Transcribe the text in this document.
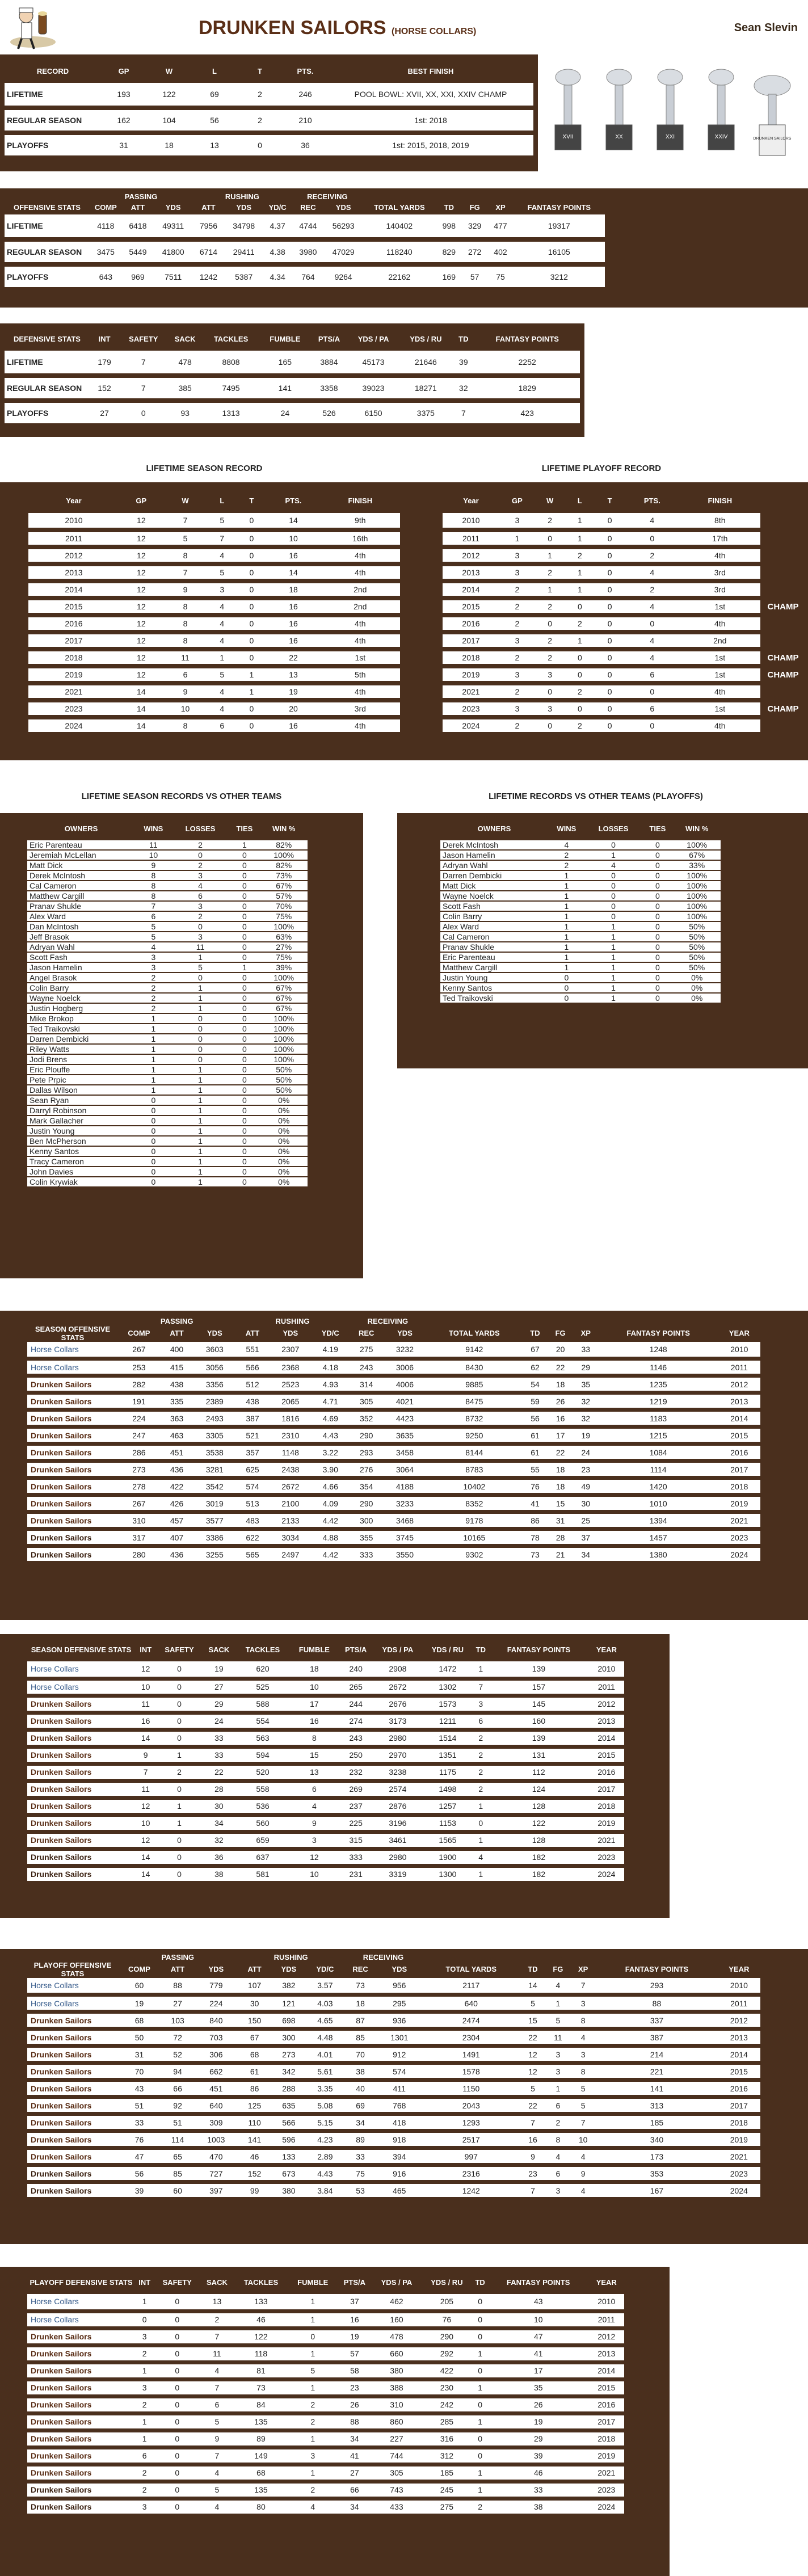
DRUNKEN SAILORS (HORSE COLLARS)	Sean Slevin
XVII	XX	XXI	XXIV	DRUNKEN SAILORS
RECORD	GP	W	L	T	PTS.	BEST FINISH
LIFETIME	193	122	69	2	246	POOL BOWL: XVII, XX, XXI, XXIV CHAMP
REGULAR SEASON	162	104	56	2	210	1st: 2018
PLAYOFFS	31	18	13	0	36	1st: 2015, 2018, 2019
	PASSING			RUSHING			RECEIVING						
OFFENSIVE STATS	COMP	ATT	YDS	ATT	YDS	YD/C	REC	YDS	TOTAL YARDS	TD	FG	XP	FANTASY POINTS
LIFETIME	4118	6418	49311	7956	34798	4.37	4744	56293	140402	998	329	477	19317
REGULAR SEASON	3475	5449	41800	6714	29411	4.38	3980	47029	118240	829	272	402	16105
PLAYOFFS	643	969	7511	1242	5387	4.34	764	9264	22162	169	57	75	3212
DEFENSIVE STATS	INT	SAFETY	SACK	TACKLES	FUMBLE	PTS/A	YDS / PA	YDS / RU	TD	FANTASY POINTS
LIFETIME	179	7	478	8808	165	3884	45173	21646	39	2252
REGULAR SEASON	152	7	385	7495	141	3358	39023	18271	32	1829
PLAYOFFS	27	0	93	1313	24	526	6150	3375	7	423
LIFETIME SEASON RECORD	LIFETIME PLAYOFF RECORD
Year	GP	W	L	T	PTS.	FINISH
2010	12	7	5	0	14	9th
2011	12	5	7	0	10	16th
2012	12	8	4	0	16	4th
2013	12	7	5	0	14	4th
2014	12	9	3	0	18	2nd
2015	12	8	4	0	16	2nd
2016	12	8	4	0	16	4th
2017	12	8	4	0	16	4th
2018	12	11	1	0	22	1st
2019	12	6	5	1	13	5th
2021	14	9	4	1	19	4th
2023	14	10	4	0	20	3rd
2024	14	8	6	0	16	4th
Year	GP	W	L	T	PTS.	FINISH	
2010	3	2	1	0	4	8th	
2011	1	0	1	0	0	17th	
2012	3	1	2	0	2	4th	
2013	3	2	1	0	4	3rd	
2014	2	1	1	0	2	3rd	
2015	2	2	0	0	4	1st	CHAMP
2016	2	0	2	0	0	4th	
2017	3	2	1	0	4	2nd	
2018	2	2	0	0	4	1st	CHAMP
2019	3	3	0	0	6	1st	CHAMP
2021	2	0	2	0	0	4th	
2023	3	3	0	0	6	1st	CHAMP
2024	2	0	2	0	0	4th	
LIFETIME SEASON RECORDS VS OTHER TEAMS	LIFETIME RECORDS VS OTHER TEAMS (PLAYOFFS)
OWNERS	WINS	LOSSES	TIES	WIN %
Eric Parenteau	11	2	1	82%
Jeremiah McLellan	10	0	0	100%
Matt Dick	9	2	0	82%
Derek McIntosh	8	3	0	73%
Cal Cameron	8	4	0	67%
Matthew Cargill	8	6	0	57%
Pranav Shukle	7	3	0	70%
Alex Ward	6	2	0	75%
Dan McIntosh	5	0	0	100%
Jeff Brasok	5	3	0	63%
Adryan Wahl	4	11	0	27%
Scott Fash	3	1	0	75%
Jason Hamelin	3	5	1	39%
Angel Brasok	2	0	0	100%
Colin Barry	2	1	0	67%
Wayne Noelck	2	1	0	67%
Justin Hogberg	2	1	0	67%
Mike Brokop	1	0	0	100%
Ted Traikovski	1	0	0	100%
Darren Dembicki	1	0	0	100%
Riley Watts	1	0	0	100%
Jodi Brens	1	0	0	100%
Eric Plouffe	1	1	0	50%
Pete Prpic	1	1	0	50%
Dallas Wilson	1	1	0	50%
Sean Ryan	0	1	0	0%
Darryl Robinson	0	1	0	0%
Mark Gallacher	0	1	0	0%
Justin Young	0	1	0	0%
Ben McPherson	0	1	0	0%
Kenny Santos	0	1	0	0%
Tracy Cameron	0	1	0	0%
John Davies	0	1	0	0%
Colin Krywiak	0	1	0	0%
OWNERS	WINS	LOSSES	TIES	WIN %
Derek McIntosh	4	0	0	100%
Jason Hamelin	2	1	0	67%
Adryan Wahl	2	4	0	33%
Darren Dembicki	1	0	0	100%
Matt Dick	1	0	0	100%
Wayne Noelck	1	0	0	100%
Scott Fash	1	0	0	100%
Colin Barry	1	0	0	100%
Alex Ward	1	1	0	50%
Cal Cameron	1	1	0	50%
Pranav Shukle	1	1	0	50%
Eric Parenteau	1	1	0	50%
Matthew Cargill	1	1	0	50%
Justin Young	0	1	0	0%
Kenny Santos	0	1	0	0%
Ted Traikovski	0	1	0	0%
	PASSING			RUSHING			RECEIVING							
SEASON OFFENSIVE STATS	COMP	ATT	YDS	ATT	YDS	YD/C	REC	YDS	TOTAL YARDS	TD	FG	XP	FANTASY POINTS	YEAR
Horse Collars	267	400	3603	551	2307	4.19	275	3232	9142	67	20	33	1248	2010
Horse Collars	253	415	3056	566	2368	4.18	243	3006	8430	62	22	29	1146	2011
Drunken Sailors	282	438	3356	512	2523	4.93	314	4006	9885	54	18	35	1235	2012
Drunken Sailors	191	335	2389	438	2065	4.71	305	4021	8475	59	26	32	1219	2013
Drunken Sailors	224	363	2493	387	1816	4.69	352	4423	8732	56	16	32	1183	2014
Drunken Sailors	247	463	3305	521	2310	4.43	290	3635	9250	61	17	19	1215	2015
Drunken Sailors	286	451	3538	357	1148	3.22	293	3458	8144	61	22	24	1084	2016
Drunken Sailors	273	436	3281	625	2438	3.90	276	3064	8783	55	18	23	1114	2017
Drunken Sailors	278	422	3542	574	2672	4.66	354	4188	10402	76	18	49	1420	2018
Drunken Sailors	267	426	3019	513	2100	4.09	290	3233	8352	41	15	30	1010	2019
Drunken Sailors	310	457	3577	483	2133	4.42	300	3468	9178	86	31	25	1394	2021
Drunken Sailors	317	407	3386	622	3034	4.88	355	3745	10165	78	28	37	1457	2023
Drunken Sailors	280	436	3255	565	2497	4.42	333	3550	9302	73	21	34	1380	2024
SEASON DEFENSIVE STATS	INT	SAFETY	SACK	TACKLES	FUMBLE	PTS/A	YDS / PA	YDS / RU	TD	FANTASY POINTS	YEAR
Horse Collars	12	0	19	620	18	240	2908	1472	1	139	2010
Horse Collars	10	0	27	525	10	265	2672	1302	7	157	2011
Drunken Sailors	11	0	29	588	17	244	2676	1573	3	145	2012
Drunken Sailors	16	0	24	554	16	274	3173	1211	6	160	2013
Drunken Sailors	14	0	33	563	8	243	2980	1514	2	139	2014
Drunken Sailors	9	1	33	594	15	250	2970	1351	2	131	2015
Drunken Sailors	7	2	22	520	13	232	3238	1175	2	112	2016
Drunken Sailors	11	0	28	558	6	269	2574	1498	2	124	2017
Drunken Sailors	12	1	30	536	4	237	2876	1257	1	128	2018
Drunken Sailors	10	1	34	560	9	225	3196	1153	0	122	2019
Drunken Sailors	12	0	32	659	3	315	3461	1565	1	128	2021
Drunken Sailors	14	0	36	637	12	333	2980	1900	4	182	2023
Drunken Sailors	14	0	38	581	10	231	3319	1300	1	182	2024
	PASSING			RUSHING			RECEIVING							
PLAYOFF OFFENSIVE STATS	COMP	ATT	YDS	ATT	YDS	YD/C	REC	YDS	TOTAL YARDS	TD	FG	XP	FANTASY POINTS	YEAR
Horse Collars	60	88	779	107	382	3.57	73	956	2117	14	4	7	293	2010
Horse Collars	19	27	224	30	121	4.03	18	295	640	5	1	3	88	2011
Drunken Sailors	68	103	840	150	698	4.65	87	936	2474	15	5	8	337	2012
Drunken Sailors	50	72	703	67	300	4.48	85	1301	2304	22	11	4	387	2013
Drunken Sailors	31	52	306	68	273	4.01	70	912	1491	12	3	3	214	2014
Drunken Sailors	70	94	662	61	342	5.61	38	574	1578	12	3	8	221	2015
Drunken Sailors	43	66	451	86	288	3.35	40	411	1150	5	1	5	141	2016
Drunken Sailors	51	92	640	125	635	5.08	69	768	2043	22	6	5	313	2017
Drunken Sailors	33	51	309	110	566	5.15	34	418	1293	7	2	7	185	2018
Drunken Sailors	76	114	1003	141	596	4.23	89	918	2517	16	8	10	340	2019
Drunken Sailors	47	65	470	46	133	2.89	33	394	997	9	4	4	173	2021
Drunken Sailors	56	85	727	152	673	4.43	75	916	2316	23	6	9	353	2023
Drunken Sailors	39	60	397	99	380	3.84	53	465	1242	7	3	4	167	2024
PLAYOFF DEFENSIVE STATS	INT	SAFETY	SACK	TACKLES	FUMBLE	PTS/A	YDS / PA	YDS / RU	TD	FANTASY POINTS	YEAR
Horse Collars	1	0	13	133	1	37	462	205	0	43	2010
Horse Collars	0	0	2	46	1	16	160	76	0	10	2011
Drunken Sailors	3	0	7	122	0	19	478	290	0	47	2012
Drunken Sailors	2	0	11	118	1	57	660	292	1	41	2013
Drunken Sailors	1	0	4	81	5	58	380	422	0	17	2014
Drunken Sailors	3	0	7	73	1	23	388	230	1	35	2015
Drunken Sailors	2	0	6	84	2	26	310	242	0	26	2016
Drunken Sailors	1	0	5	135	2	88	860	285	1	19	2017
Drunken Sailors	1	0	9	89	1	34	227	316	0	29	2018
Drunken Sailors	6	0	7	149	3	41	744	312	0	39	2019
Drunken Sailors	2	0	4	68	1	27	305	185	1	46	2021
Drunken Sailors	2	0	5	135	2	66	743	245	1	33	2023
Drunken Sailors	3	0	4	80	4	34	433	275	2	38	2024
